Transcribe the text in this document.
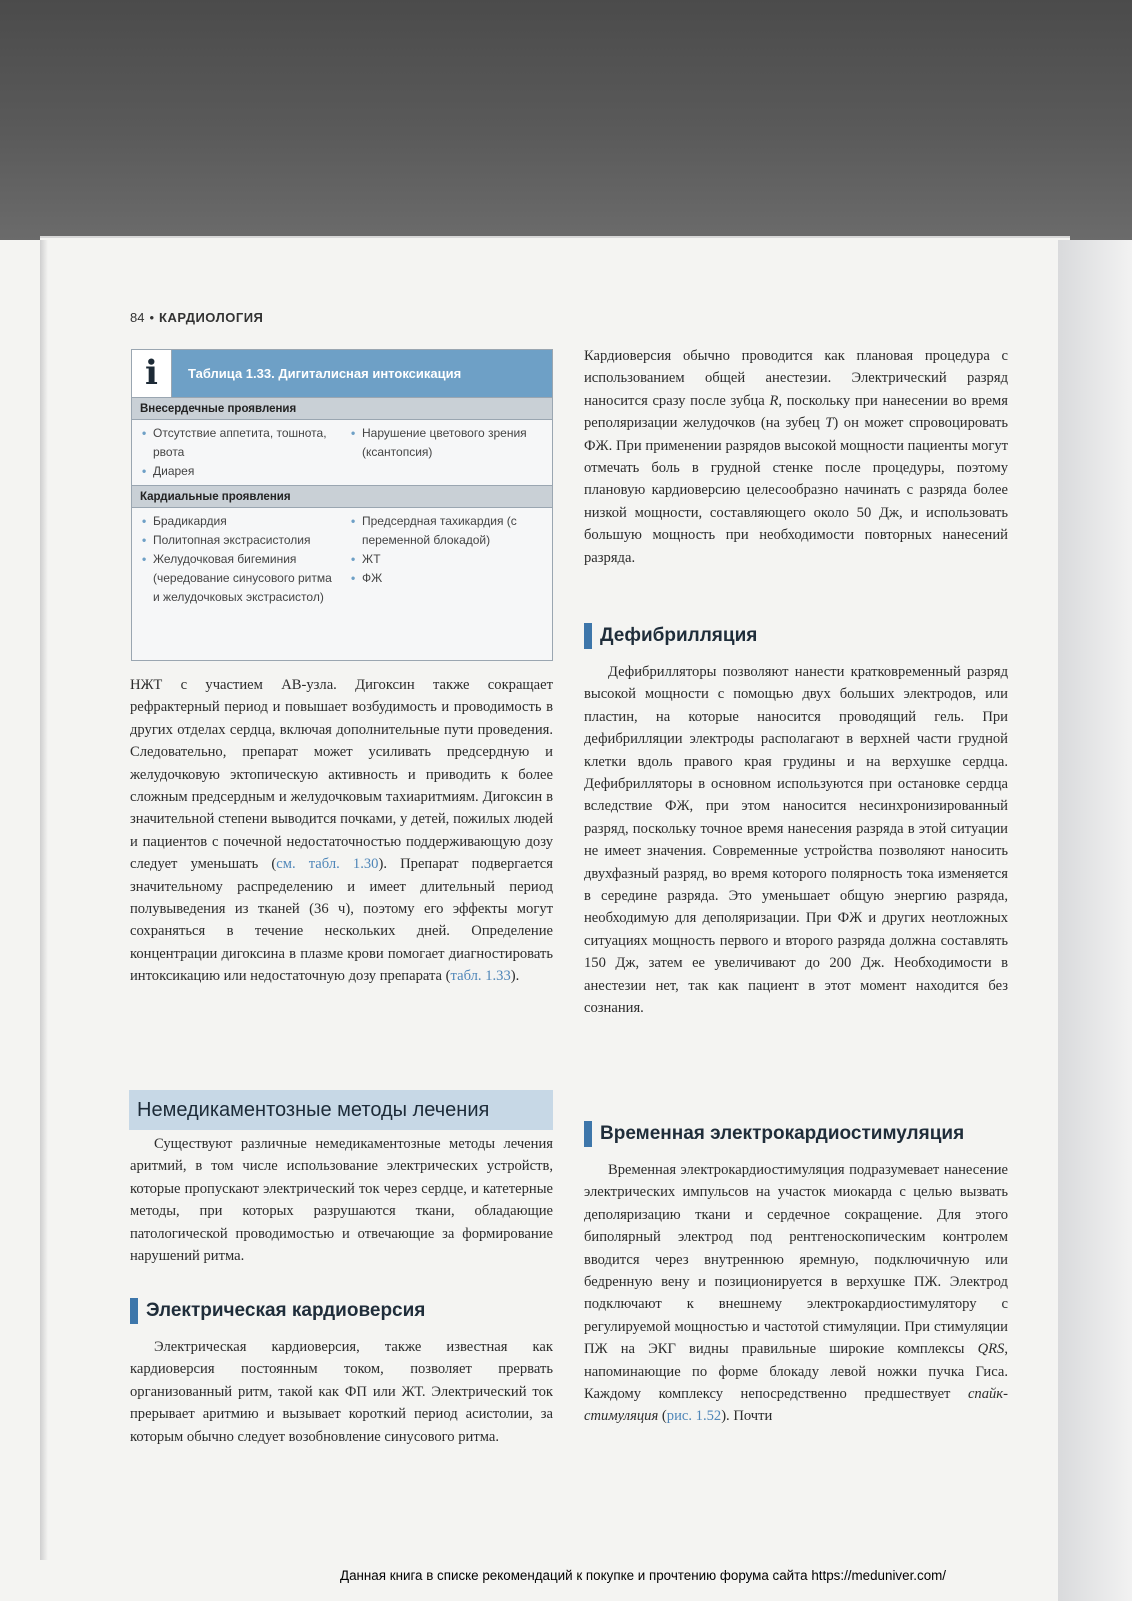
84 • КАРДИОЛОГИЯ
i	Таблица 1.33. Дигиталисная интоксикация
Внесердечные проявления
• Отсутствие аппетита, тошнота, рвота
• Диарея
• Нарушение цветового зрения (ксантопсия)
Кардиальные проявления
• Брадикардия
• Политопная экстрасистолия
• Желудочковая бигеминия (чередование синусового ритма и желудочковых экстрасистол)
• Предсердная тахикардия (с переменной блокадой)
• ЖТ
• ФЖ

НЖТ с участием АВ-узла. Дигоксин также сокращает рефрактерный период и повышает возбудимость и проводимость в других отделах сердца, включая дополнительные пути проведения. Следовательно, препарат может усиливать предсердную и желудочковую эктопическую активность и приводить к более сложным предсердным и желудочковым тахиаритмиям. Дигоксин в значительной степени выводится почками, у детей, пожилых людей и пациентов с почечной недостаточностью поддерживающую дозу следует уменьшать (см. табл. 1.30). Препарат подвергается значительному распределению и имеет длительный период полувыведения из тканей (36 ч), поэтому его эффекты могут сохраняться в течение нескольких дней. Определение концентрации дигоксина в плазме крови помогает диагностировать интоксикацию или недостаточную дозу препарата (табл. 1.33).

Немедикаментозные методы лечения

Существуют различные немедикаментозные методы лечения аритмий, в том числе использование электрических устройств, которые пропускают электрический ток через сердце, и катетерные методы, при которых разрушаются ткани, обладающие патологической проводимостью и отвечающие за формирование нарушений ритма.

Электрическая кардиоверсия

Электрическая кардиоверсия, также известная как кардиоверсия постоянным током, позволяет прервать организованный ритм, такой как ФП или ЖТ. Электрический ток прерывает аритмию и вызывает короткий период асистолии, за которым обычно следует возобновление синусового ритма.

Кардиоверсия обычно проводится как плановая процедура с использованием общей анестезии. Электрический разряд наносится сразу после зубца R, поскольку при нанесении во время реполяризации желудочков (на зубец T) он может спровоцировать ФЖ. При применении разрядов высокой мощности пациенты могут отмечать боль в грудной стенке после процедуры, поэтому плановую кардиоверсию целесообразно начинать с разряда более низкой мощности, составляющего около 50 Дж, и использовать большую мощность при необходимости повторных нанесений разряда.

Дефибрилляция

Дефибрилляторы позволяют нанести кратковременный разряд высокой мощности с помощью двух больших электродов, или пластин, на которые наносится проводящий гель. При дефибрилляции электроды располагают в верхней части грудной клетки вдоль правого края грудины и на верхушке сердца. Дефибрилляторы в основном используются при остановке сердца вследствие ФЖ, при этом наносится несинхронизированный разряд, поскольку точное время нанесения разряда в этой ситуации не имеет значения. Современные устройства позволяют наносить двухфазный разряд, во время которого полярность тока изменяется в середине разряда. Это уменьшает общую энергию разряда, необходимую для деполяризации. При ФЖ и других неотложных ситуациях мощность первого и второго разряда должна составлять 150 Дж, затем ее увеличивают до 200 Дж. Необходимости в анестезии нет, так как пациент в этот момент находится без сознания.

Временная электрокардиостимуляция

Временная электрокардиостимуляция подразумевает нанесение электрических импульсов на участок миокарда с целью вызвать деполяризацию ткани и сердечное сокращение. Для этого биполярный электрод под рентгеноскопическим контролем вводится через внутреннюю яремную, подключичную или бедренную вену и позиционируется в верхушке ПЖ. Электрод подключают к внешнему электрокардиостимулятору с регулируемой мощностью и частотой стимуляции. При стимуляции ПЖ на ЭКГ видны правильные широкие комплексы QRS, напоминающие по форме блокаду левой ножки пучка Гиса. Каждому комплексу непосредственно предшествует спайк-стимуляция (рис. 1.52). Почти

Данная книга в списке рекомендаций к покупке и прочтению форума сайта https://meduniver.com/
